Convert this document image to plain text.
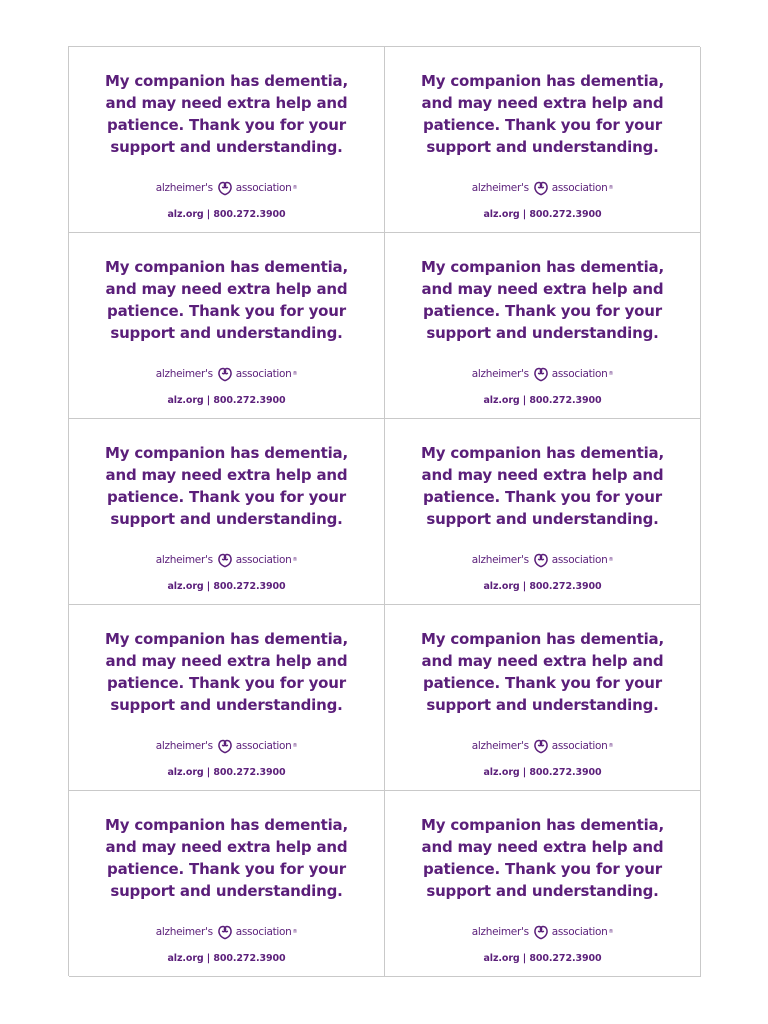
My companion has dementia,
and may need extra help and
patience. Thank you for your
support and understanding.
alzheimer's association ®
alz.org | 800.272.3900
My companion has dementia,
and may need extra help and
patience. Thank you for your
support and understanding.
alzheimer's association ®
alz.org | 800.272.3900
My companion has dementia,
and may need extra help and
patience. Thank you for your
support and understanding.
alzheimer's association ®
alz.org | 800.272.3900
My companion has dementia,
and may need extra help and
patience. Thank you for your
support and understanding.
alzheimer's association ®
alz.org | 800.272.3900
My companion has dementia,
and may need extra help and
patience. Thank you for your
support and understanding.
alzheimer's association ®
alz.org | 800.272.3900
My companion has dementia,
and may need extra help and
patience. Thank you for your
support and understanding.
alzheimer's association ®
alz.org | 800.272.3900
My companion has dementia,
and may need extra help and
patience. Thank you for your
support and understanding.
alzheimer's association ®
alz.org | 800.272.3900
My companion has dementia,
and may need extra help and
patience. Thank you for your
support and understanding.
alzheimer's association ®
alz.org | 800.272.3900
My companion has dementia,
and may need extra help and
patience. Thank you for your
support and understanding.
alzheimer's association ®
alz.org | 800.272.3900
My companion has dementia,
and may need extra help and
patience. Thank you for your
support and understanding.
alzheimer's association ®
alz.org | 800.272.3900
